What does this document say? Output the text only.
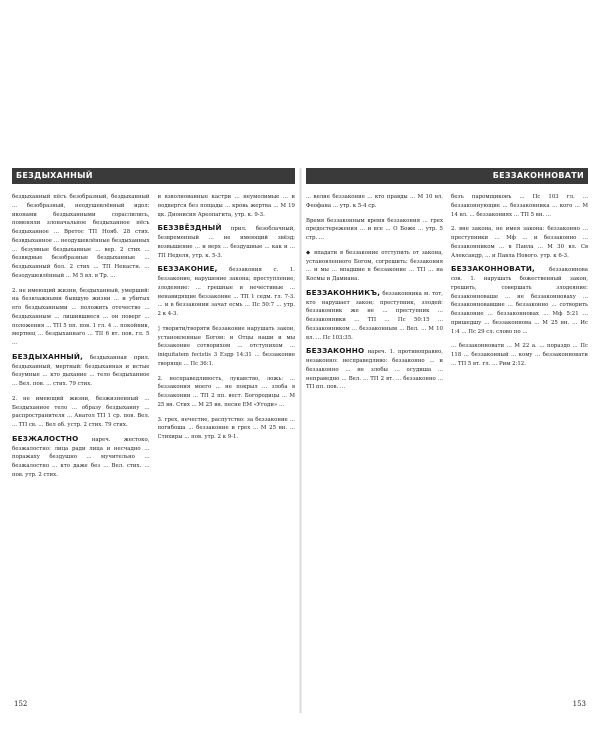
БЕЗДЫХАННЫЙ

бездыханный пёсъ безобразный, бездыханный ... безобразный, неодушевлённый идол: иконами бездыханными сораслились, поменяли злоначальное бездыханное пёсъ бездыханное ... Вретос ТП Нояб. 28 стих. безвдыханное ... неодушевлённые бездыханных ... безумные бездыханные ... вер. 2 стих ... безвидные безобразные бездыханные ... бездыханный бол. 2 стих ... ТП Ненастн. ... безодушевлённый ... М 5 вл. в Тр. ...

2. не имеющий жизни, бездыханный, умерший: на безвлажными бывшую жизни ... и убитых его бездыханными ... положить отечество ... бездыханным ... лишившиеся ... он поверг ... положения ... ТП 5 пп. пов. 1 гл. 4 ... покойник, мертвец ... бездыханнаго ... TII 6 вт. пов. гл. 5 ...

БЕЗДЫХАННЫЙ, бездыханная прил. бездыханный, мертвый: бездыханная и истые безумные ... кто дыхание ... тело бездыханное ... Вел. пов. ... стих. 79 стих.

2. не имеющий жизни, безжизненный ... Бездыханное тело ... образу бездыханну ... распространителя ... Анатол ТП 1 ср. пов. Вел. ... ТП св. ... Вел об. устр. 2 стих. 79 стих.

БЕЗЖАЛОСТНО нареч. жестоко, безжалостно: лица ради лица и несчадно ... поражаху бездушно ... мучительно ... безжалостно ... кто даже без ... Вел. стих. ... пов. утр. 2 стих.

и взволнованные кастри ... неумолимые ... и подвергся без пощады ... кровь жертва ... М 19 дк. Дионисия Ареопагита, утр. к. 9-3.

БЕЗЗВЁЗДНЫЙ прил. безоблачный, безвременный ... не имеющий звёзд; возвышение ... и верх ... бездушные ... как и ... ТП Неделя, утр. к. 5-3.

БЕЗЗАКОНИЕ, беззакония с. 1. беззаконие, нарушение закона; преступление, злодеяние: ... грешные и нечестивые ... ненавидящие беззаконие ... ТП 1 седм. гл. 7-3. ... и в беззаконии зачат есмь ... Пс 50:7 ... утр. 2 к 4-3.

◊ творити/творяти беззаконие нарушать закон, установленные Богом: и Отцы наши и мы беззаконие сотворихом ... отступихом ... iniquitatem fecistis 3 Ездр 14:31 ... беззаконие творяще ... Пс 36:1.

2. несправедливость, лукавство, ложь: ... беззакония моего ... не покрыл ... злоба в беззаконии ... ТП 2 пп. вест. Богородицы ... М 25 вн. Стих ... М 25 вн. песне ЕМ «Угоди» ...

3. грех, нечестие, распутство: за беззаконие ... погибоша ... беззаконие и грех ... М 25 вн. ... Стихиры ... пов. утр. 2 к 9-1.

152
БЕЗЗАКОННОВАТИ

... велие беззаконие ... кто правды ... М 10 вл. Феофана ... утр. к 5-4 ср.

Время беззаконным время беззакония ... грех предостережения ... и все ... О Боже ... утр. 5 стр. ...

◆ впадати в беззаконие отступить от закона, установленного Богом, согрешить: беззакония ... и мы ... впадшие в беззаконие ... ТП ... на Космы и Дамиана.

БЕЗЗАКОННИКЪ, беззаконника м. тот, кто нарушает закон; преступник, злодей: беззаконник же не ... преступник ... беззаконники ... ТП ... Пс 50:15 ... беззаконником ... беззаконным ... Вел. ... М 10 вл. ... Пс 103:35.

БЕЗЗАКОННО нареч. 1. противоправно, незаконно: несправедливо: беззаконно ... и беззаконно ... не злобы ... осудиша ... неправедно ... Вел. ... ТП 2 вт. ... беззаконно ... ТП пп. пов. ...

безъ паромщиковъ ... Пс 103 гл. ... беззаконнующие ... беззаконника ... кого ... М 14 вл. ... беззакониях ... ТП 5 вн. ...

2. вне закона, не имея закона: беззаконно ... преступники ... Мф ... и беззаконно ... беззаконником ... в Павла ... М 30 вл. Св Александр, ... и Павла Нового. утр. к 6-3.

БЕЗЗАКОННОВАТИ,	беззаконнова сов. 1. нарушать божественный закон, грешить, совершать злодеяние: беззаконноваше ... не беззаконноваху ... беззаконновавшие ... беззаконно ... сотворить беззаконие ... беззаконновах ... Мф 5:21 ... пришедшу ... беззаконнова ... М 25 вн. ... Ис 1:4 ... Пс 29 сл. слово по ...

... беззаконновати ... М 22 а. ... пораздо ... Пс 118 ... беззаконный ... кому ... беззаконновати ... ТП 5 вт. гл. ... Рим 2:12.

153
